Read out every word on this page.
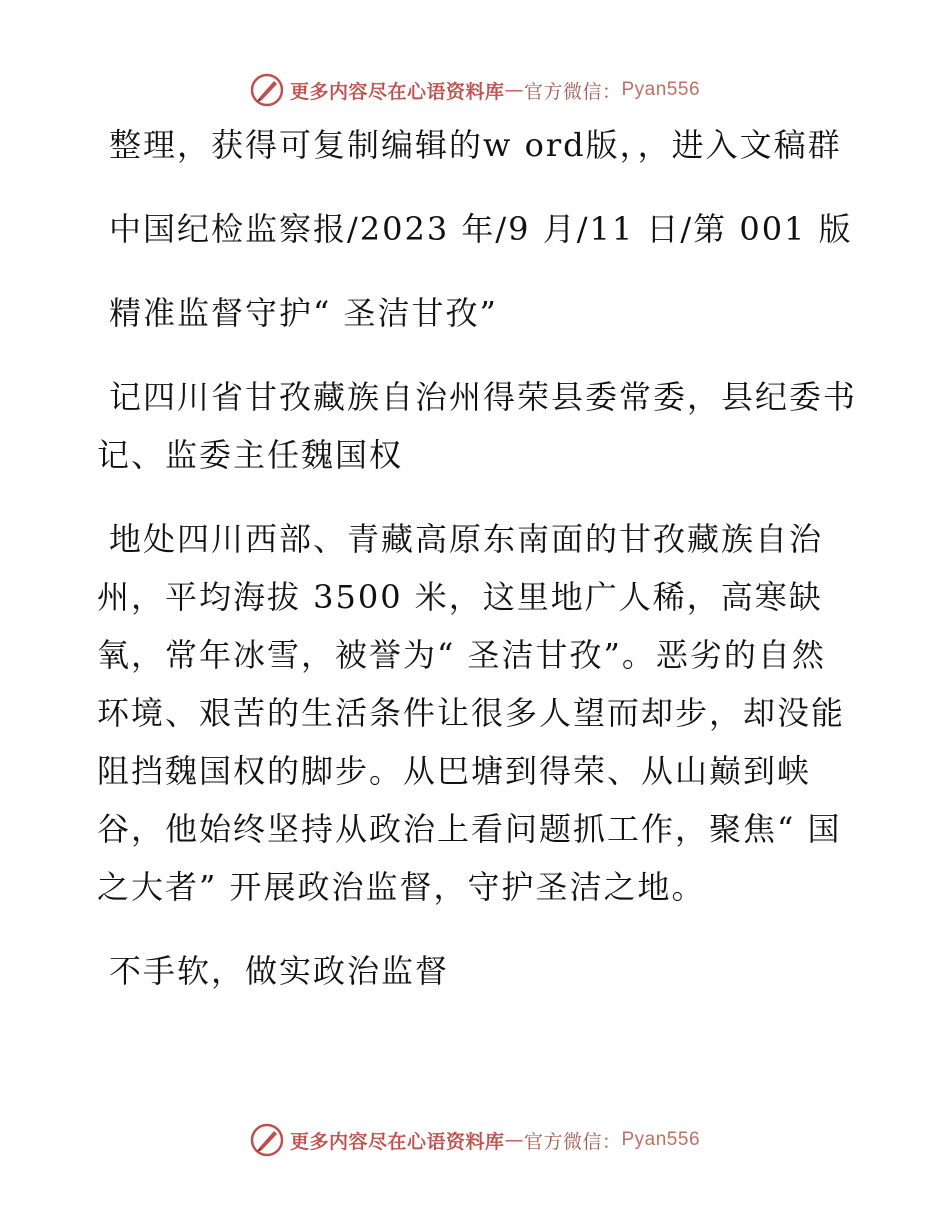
更多内容尽在心语资料库 — 官方微信： Pyan556

整理，获得可复制编辑的w ord版，，进入文稿群

中国纪检监察报/2023 年/9 月/11 日/第 001 版

精准监督守护“ 圣洁甘孜”

记四川省甘孜藏族自治州得荣县委常委，县纪委书记、监委主任魏国权

地处四川西部、青藏高原东南面的甘孜藏族自治州，平均海拔 3500 米，这里地广人稀，高寒缺氧，常年冰雪，被誉为“ 圣洁甘孜”。恶劣的自然环境、艰苦的生活条件让很多人望而却步，却没能阻挡魏国权的脚步。从巴塘到得荣、从山巅到峡谷，他始终坚持从政治上看问题抓工作，聚焦“ 国之大者” 开展政治监督，守护圣洁之地。

不手软，做实政治监督

更多内容尽在心语资料库 — 官方微信： Pyan556
